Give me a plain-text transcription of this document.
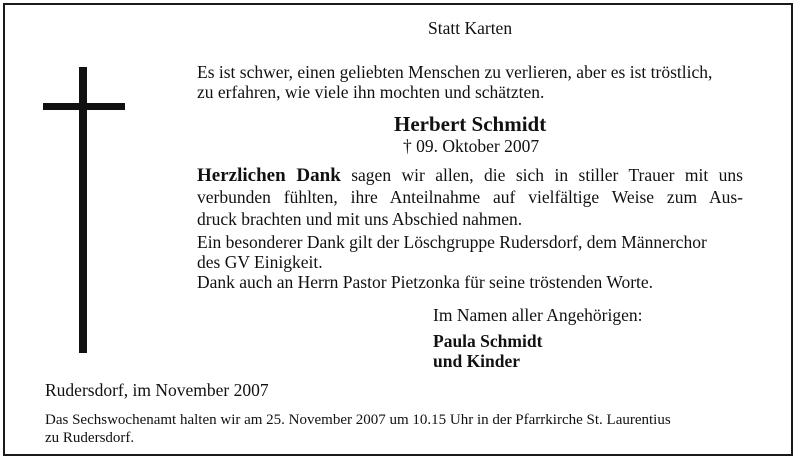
Statt Karten
Es ist schwer, einen geliebten Menschen zu verlieren, aber es ist tröstlich,
zu erfahren, wie viele ihn mochten und schätzten.
Herbert Schmidt
† 09. Oktober 2007
Herzlichen Dank sagen wir allen, die sich in stiller Trauer mit uns
verbunden fühlten, ihre Anteilnahme auf vielfältige Weise zum Aus-
druck brachten und mit uns Abschied nahmen.
Ein besonderer Dank gilt der Löschgruppe Rudersdorf, dem Männerchor
des GV Einigkeit.
Dank auch an Herrn Pastor Pietzonka für seine tröstenden Worte.
Im Namen aller Angehörigen:
Paula Schmidt
und Kinder
Rudersdorf, im November 2007
Das Sechswochenamt halten wir am 25. November 2007 um 10.15 Uhr in der Pfarrkirche St. Laurentius
zu Rudersdorf.
